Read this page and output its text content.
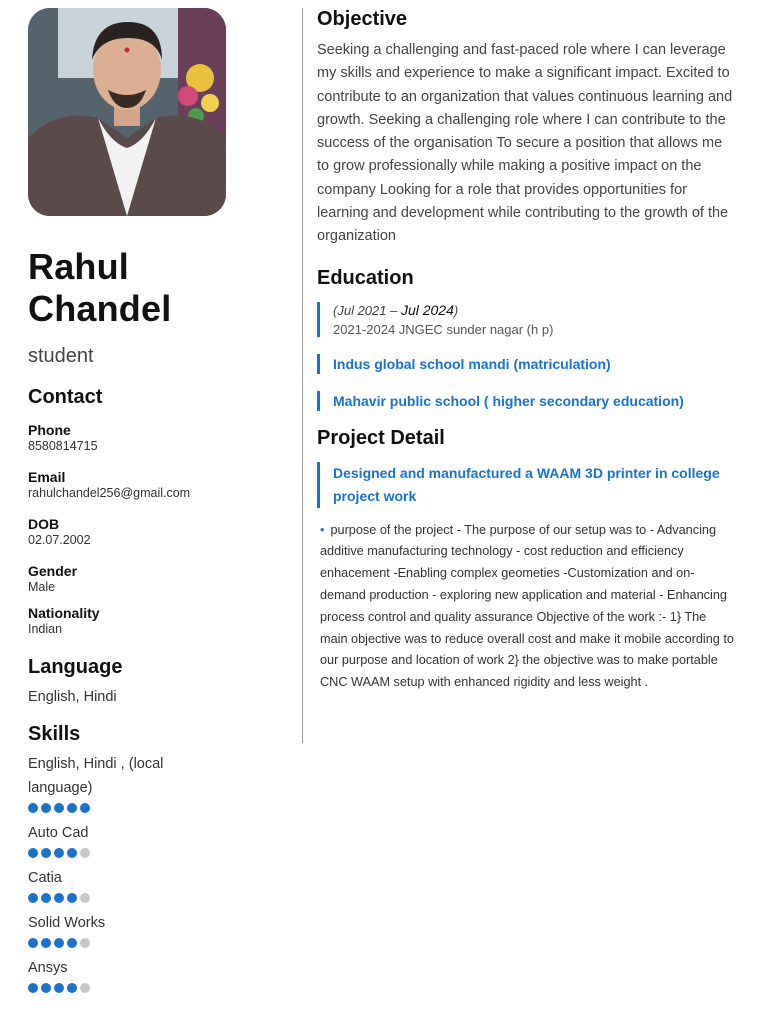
Rahul
Chandel
student
Contact
Phone
8580814715
Email
rahulchandel256@gmail.com
DOB
02.07.2002
Gender
Male
Nationality
Indian
Language
English, Hindi
Skills
English, Hindi , (local language)
Auto Cad
Catia
Solid Works
Ansys
Objective
Seeking a challenging and fast-paced role where I can leverage my skills and experience to make a significant impact. Excited to contribute to an organization that values continuous learning and growth. Seeking a challenging role where I can contribute to the success of the organisation To secure a position that allows me to grow professionally while making a positive impact on the company Looking for a role that provides opportunities for learning and development while contributing to the growth of the organization
Education
(Jul 2021 – Jul 2024)
2021-2024 JNGEC sunder nagar (h p)
Indus global school mandi (matriculation)
Mahavir public school ( higher secondary education)
Project Detail
Designed and manufactured a WAAM 3D printer in college project work
• purpose of the project - The purpose of our setup was to - Advancing additive manufacturing technology - cost reduction and efficiency enhacement -Enabling complex geometies -Customization and on- demand production - exploring new application and material - Enhancing process control and quality assurance Objective of the work :- 1} The main objective was to reduce overall cost and make it mobile according to our purpose and location of work 2} the objective was to make portable CNC WAAM setup with enhanced rigidity and less weight .
